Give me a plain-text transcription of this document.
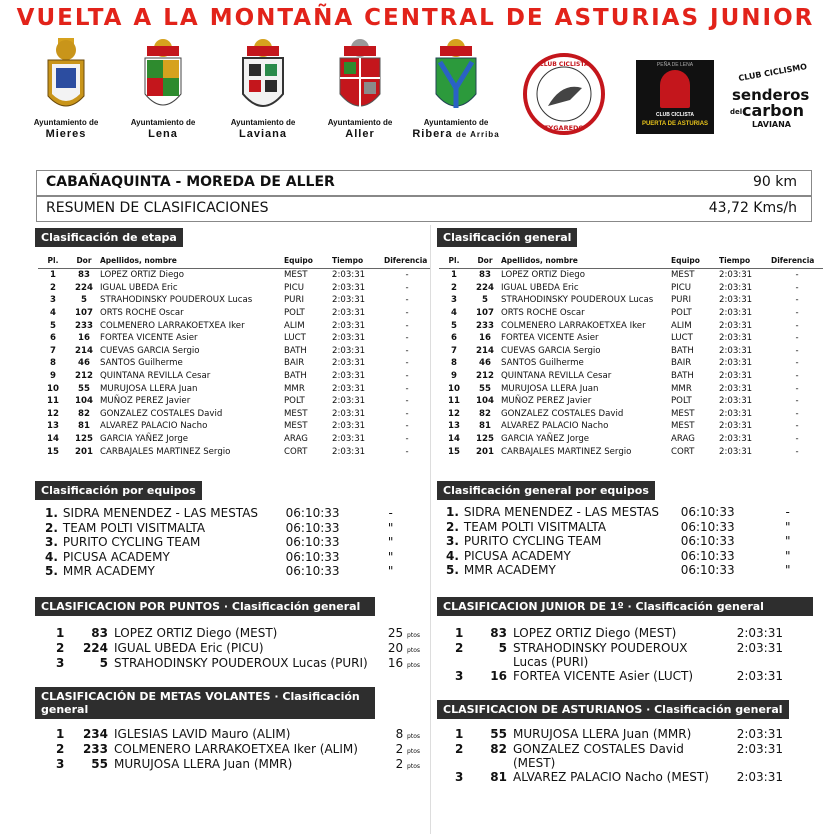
VUELTA A LA MONTAÑA CENTRAL DE ASTURIAS JUNIOR
Ayuntamiento de
Mieres
Ayuntamiento de
Lena
Ayuntamiento de
Laviana
Ayuntamiento de
Aller
Ayuntamiento de
Ribera de Arriba
CLUB CICLISTA
TYGAREDO
PEÑA DE LENA
CLUB CICLISTA
PUERTA DE ASTURIAS
CLUB CICLISMO
senderos
del carbon
LAVIANA
CABAÑAQUINTA - MOREDA DE ALLER	90 km
RESUMEN DE CLASIFICACIONES	43,72 Kms/h
Clasificación de etapa
Pl.	Dor	Apellidos, nombre	Equipo	Tiempo	Diferencia
1	83	LOPEZ ORTIZ Diego	MEST	2:03:31	-
2	224	IGUAL UBEDA Eric	PICU	2:03:31	-
3	5	STRAHODINSKY POUDEROUX Lucas	PURI	2:03:31	-
4	107	ORTS ROCHE Oscar	POLT	2:03:31	-
5	233	COLMENERO LARRAKOETXEA Iker	ALIM	2:03:31	-
6	16	FORTEA VICENTE Asier	LUCT	2:03:31	-
7	214	CUEVAS GARCIA Sergio	BATH	2:03:31	-
8	46	SANTOS Guilherme	BAIR	2:03:31	-
9	212	QUINTANA REVILLA Cesar	BATH	2:03:31	-
10	55	MURUJOSA LLERA Juan	MMR	2:03:31	-
11	104	MUÑOZ PEREZ Javier	POLT	2:03:31	-
12	82	GONZALEZ COSTALES David	MEST	2:03:31	-
13	81	ALVAREZ PALACIO Nacho	MEST	2:03:31	-
14	125	GARCIA YAÑEZ Jorge	ARAG	2:03:31	-
15	201	CARBAJALES MARTINEZ Sergio	CORT	2:03:31	-
Clasificación general
Pl.	Dor	Apellidos, nombre	Equipo	Tiempo	Diferencia
1	83	LOPEZ ORTIZ Diego	MEST	2:03:31	-
2	224	IGUAL UBEDA Eric	PICU	2:03:31	-
3	5	STRAHODINSKY POUDEROUX Lucas	PURI	2:03:31	-
4	107	ORTS ROCHE Oscar	POLT	2:03:31	-
5	233	COLMENERO LARRAKOETXEA Iker	ALIM	2:03:31	-
6	16	FORTEA VICENTE Asier	LUCT	2:03:31	-
7	214	CUEVAS GARCIA Sergio	BATH	2:03:31	-
8	46	SANTOS Guilherme	BAIR	2:03:31	-
9	212	QUINTANA REVILLA Cesar	BATH	2:03:31	-
10	55	MURUJOSA LLERA Juan	MMR	2:03:31	-
11	104	MUÑOZ PEREZ Javier	POLT	2:03:31	-
12	82	GONZALEZ COSTALES David	MEST	2:03:31	-
13	81	ALVAREZ PALACIO Nacho	MEST	2:03:31	-
14	125	GARCIA YAÑEZ Jorge	ARAG	2:03:31	-
15	201	CARBAJALES MARTINEZ Sergio	CORT	2:03:31	-
Clasificación por equipos
1.	SIDRA MENENDEZ - LAS MESTAS	06:10:33	-
2.	TEAM POLTI VISITMALTA	06:10:33	"
3.	PURITO CYCLING TEAM	06:10:33	"
4.	PICUSA ACADEMY	06:10:33	"
5.	MMR ACADEMY	06:10:33	"
Clasificación general por equipos
1.	SIDRA MENENDEZ - LAS MESTAS	06:10:33	-
2.	TEAM POLTI VISITMALTA	06:10:33	"
3.	PURITO CYCLING TEAM	06:10:33	"
4.	PICUSA ACADEMY	06:10:33	"
5.	MMR ACADEMY	06:10:33	"
CLASIFICACION POR PUNTOS · Clasificación general
1	83	LOPEZ ORTIZ Diego (MEST)	25 ptos
2	224	IGUAL UBEDA Eric (PICU)	20 ptos
3	5	STRAHODINSKY POUDEROUX Lucas (PURI)	16 ptos
CLASIFICACION JUNIOR DE 1º · Clasificación general
1	83	LOPEZ ORTIZ Diego (MEST)	2:03:31
2	5	STRAHODINSKY POUDEROUX Lucas (PURI)	2:03:31
3	16	FORTEA VICENTE Asier (LUCT)	2:03:31
CLASIFICACIÓN DE METAS VOLANTES · Clasificación general
1	234	IGLESIAS LAVID Mauro (ALIM)	8 ptos
2	233	COLMENERO LARRAKOETXEA Iker (ALIM)	2 ptos
3	55	MURUJOSA LLERA Juan (MMR)	2 ptos
CLASIFICACION DE ASTURIANOS · Clasificación general
1	55	MURUJOSA LLERA Juan (MMR)	2:03:31
2	82	GONZALEZ COSTALES David (MEST)	2:03:31
3	81	ALVAREZ PALACIO Nacho (MEST)	2:03:31
